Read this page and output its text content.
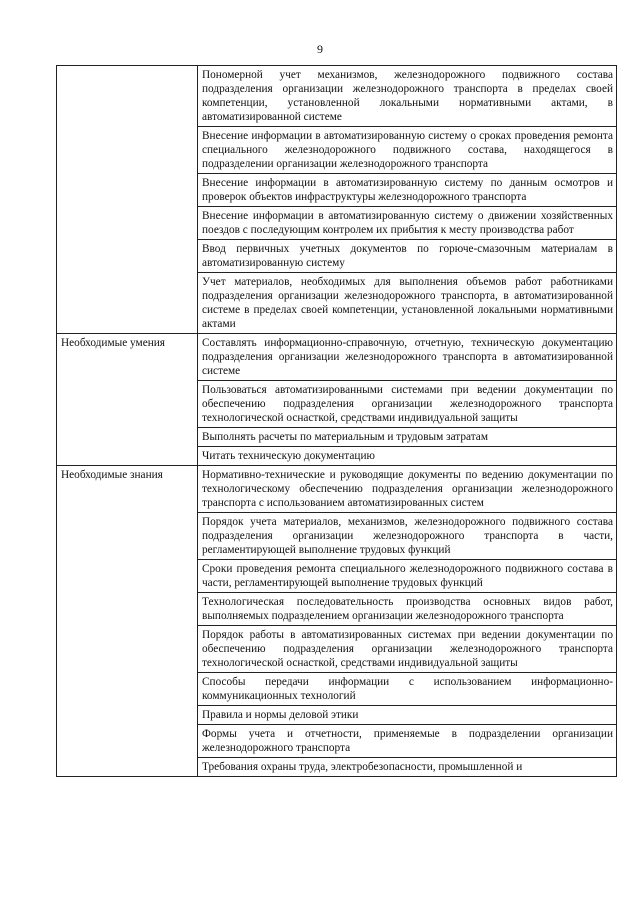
9
	Пономерной учет механизмов, железнодорожного подвижного состава подразделения организации железнодорожного транспорта в пределах своей компетенции, установленной локальными нормативными актами, в автоматизированной системе
	Внесение информации в автоматизированную систему о сроках проведения ремонта специального железнодорожного подвижного состава, находящегося в подразделении организации железнодорожного транспорта
	Внесение информации в автоматизированную систему по данным осмотров и проверок объектов инфраструктуры железнодорожного транспорта
	Внесение информации в автоматизированную систему о движении хозяйственных поездов с последующим контролем их прибытия к месту производства работ
	Ввод первичных учетных документов по горюче-смазочным материалам в автоматизированную систему
	Учет материалов, необходимых для выполнения объемов работ работниками подразделения организации железнодорожного транспорта, в автоматизированной системе в пределах своей компетенции, установленной локальными нормативными актами
Необходимые умения	Составлять информационно-справочную, отчетную, техническую документацию подразделения организации железнодорожного транспорта в автоматизированной системе
	Пользоваться автоматизированными системами при ведении документации по обеспечению подразделения организации железнодорожного транспорта технологической оснасткой, средствами индивидуальной защиты
	Выполнять расчеты по материальным и трудовым затратам
	Читать техническую документацию
Необходимые знания	Нормативно-технические и руководящие документы по ведению документации по технологическому обеспечению подразделения организации железнодорожного транспорта с использованием автоматизированных систем
	Порядок учета материалов, механизмов, железнодорожного подвижного состава подразделения организации железнодорожного транспорта в части, регламентирующей выполнение трудовых функций
	Сроки проведения ремонта специального железнодорожного подвижного состава в части, регламентирующей выполнение трудовых функций
	Технологическая последовательность производства основных видов работ, выполняемых подразделением организации железнодорожного транспорта
	Порядок работы в автоматизированных системах при ведении документации по обеспечению подразделения организации железнодорожного транспорта технологической оснасткой, средствами индивидуальной защиты
	Способы передачи информации с использованием информационно-коммуникационных технологий
	Правила и нормы деловой этики
	Формы учета и отчетности, применяемые в подразделении организации железнодорожного транспорта
	Требования охраны труда, электробезопасности, промышленной и
